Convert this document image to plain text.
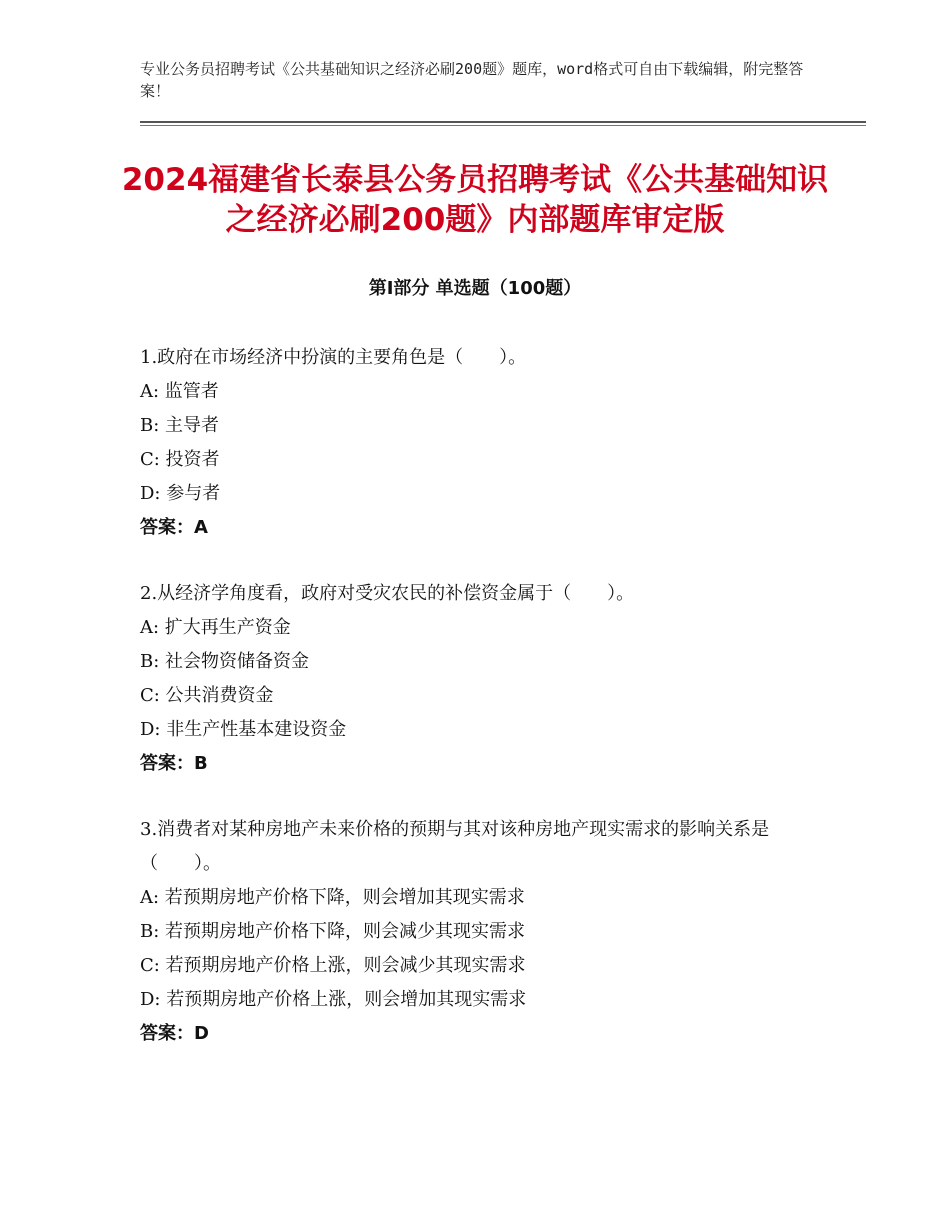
专业公务员招聘考试《公共基础知识之经济必刷200题》题库，word格式可自由下载编辑，附完整答案！
2024福建省长泰县公务员招聘考试《公共基础知识之经济必刷200题》内部题库审定版
第Ⅰ部分 单选题（100题）
1.政府在市场经济中扮演的主要角色是（　　）。
A: 监管者
B: 主导者
C: 投资者
D: 参与者
答案：A
2.从经济学角度看，政府对受灾农民的补偿资金属于（　　）。
A: 扩大再生产资金
B: 社会物资储备资金
C: 公共消费资金
D: 非生产性基本建设资金
答案：B
3.消费者对某种房地产未来价格的预期与其对该种房地产现实需求的影响关系是（　　）。
A: 若预期房地产价格下降，则会增加其现实需求
B: 若预期房地产价格下降，则会减少其现实需求
C: 若预期房地产价格上涨，则会减少其现实需求
D: 若预期房地产价格上涨，则会增加其现实需求
答案：D
